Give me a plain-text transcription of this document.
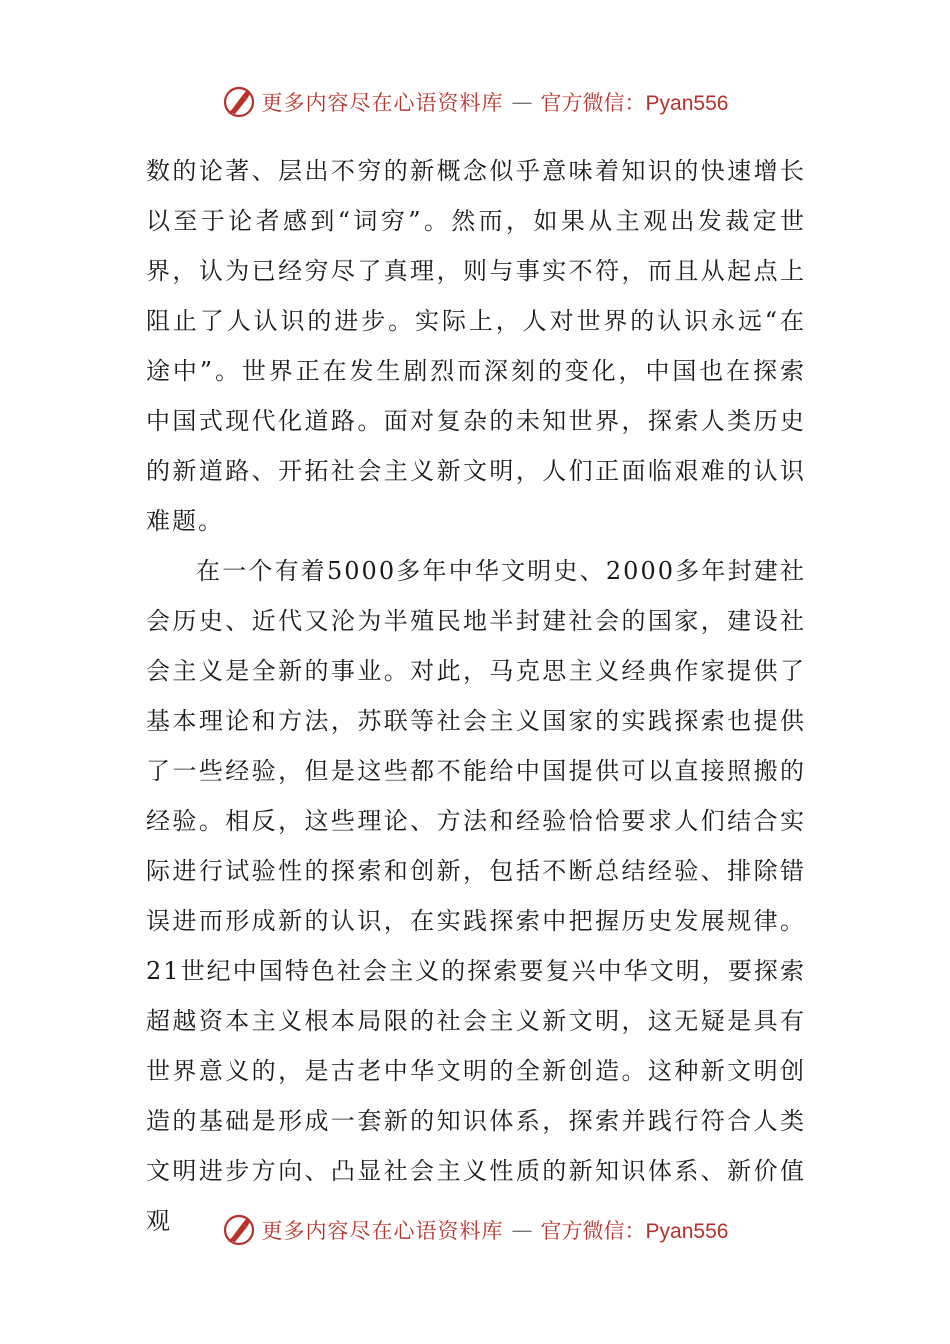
更多内容尽在心语资料库 — 官方微信：Pyan556

数的论著、层出不穷的新概念似乎意味着知识的快速增长以至于论者感到“词穷”。然而，如果从主观出发裁定世界，认为已经穷尽了真理，则与事实不符，而且从起点上阻止了人认识的进步。实际上，人对世界的认识永远“在途中”。世界正在发生剧烈而深刻的变化，中国也在探索中国式现代化道路。面对复杂的未知世界，探索人类历史的新道路、开拓社会主义新文明，人们正面临艰难的认识难题。

在一个有着5000多年中华文明史、2000多年封建社会历史、近代又沦为半殖民地半封建社会的国家，建设社会主义是全新的事业。对此，马克思主义经典作家提供了基本理论和方法，苏联等社会主义国家的实践探索也提供了一些经验，但是这些都不能给中国提供可以直接照搬的经验。相反，这些理论、方法和经验恰恰要求人们结合实际进行试验性的探索和创新，包括不断总结经验、排除错误进而形成新的认识，在实践探索中把握历史发展规律。21世纪中国特色社会主义的探索要复兴中华文明，要探索超越资本主义根本局限的社会主义新文明，这无疑是具有世界意义的，是古老中华文明的全新创造。这种新文明创造的基础是形成一套新的知识体系，探索并践行符合人类文明进步方向、凸显社会主义性质的新知识体系、新价值观	更多内容尽在心语资料库 — 官方微信：Pyan556
